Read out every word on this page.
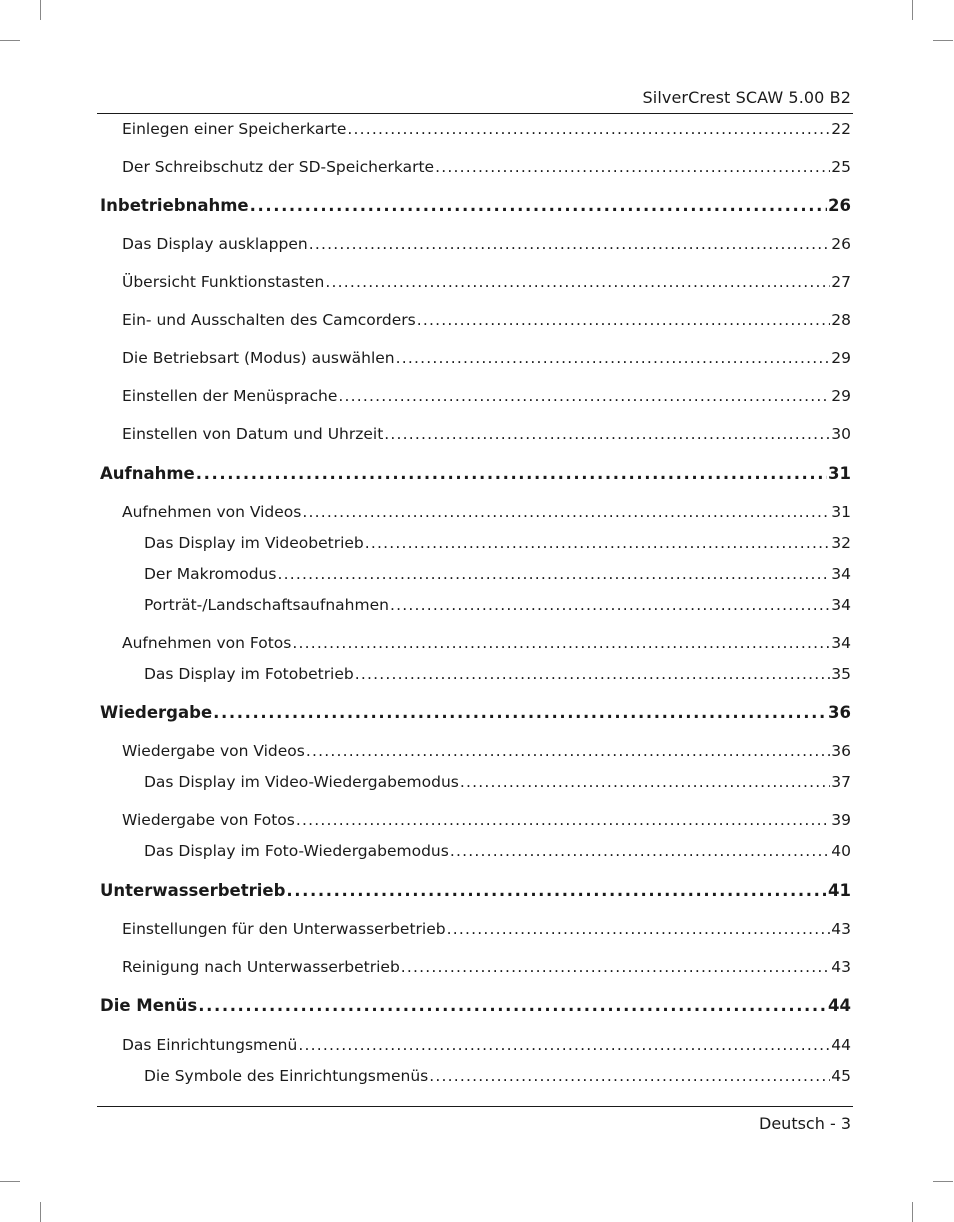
SilverCrest SCAW 5.00 B2
Einlegen einer Speicherkarte .....	22
Der Schreibschutz der SD-Speicherkarte .....	25
Inbetriebnahme .....	26
Das Display ausklappen .....	26
Übersicht Funktionstasten .....	27
Ein- und Ausschalten des Camcorders .....	28
Die Betriebsart (Modus) auswählen .....	29
Einstellen der Menüsprache .....	29
Einstellen von Datum und Uhrzeit .....	30
Aufnahme .....	31
Aufnehmen von Videos .....	31
Das Display im Videobetrieb .....	32
Der Makromodus .....	34
Porträt-/Landschaftsaufnahmen .....	34
Aufnehmen von Fotos .....	34
Das Display im Fotobetrieb .....	35
Wiedergabe .....	36
Wiedergabe von Videos .....	36
Das Display im Video-Wiedergabemodus .....	37
Wiedergabe von Fotos .....	39
Das Display im Foto-Wiedergabemodus .....	40
Unterwasserbetrieb .....	41
Einstellungen für den Unterwasserbetrieb .....	43
Reinigung nach Unterwasserbetrieb .....	43
Die Menüs .....	44
Das Einrichtungsmenü .....	44
Die Symbole des Einrichtungsmenüs .....	45
Deutsch - 3
